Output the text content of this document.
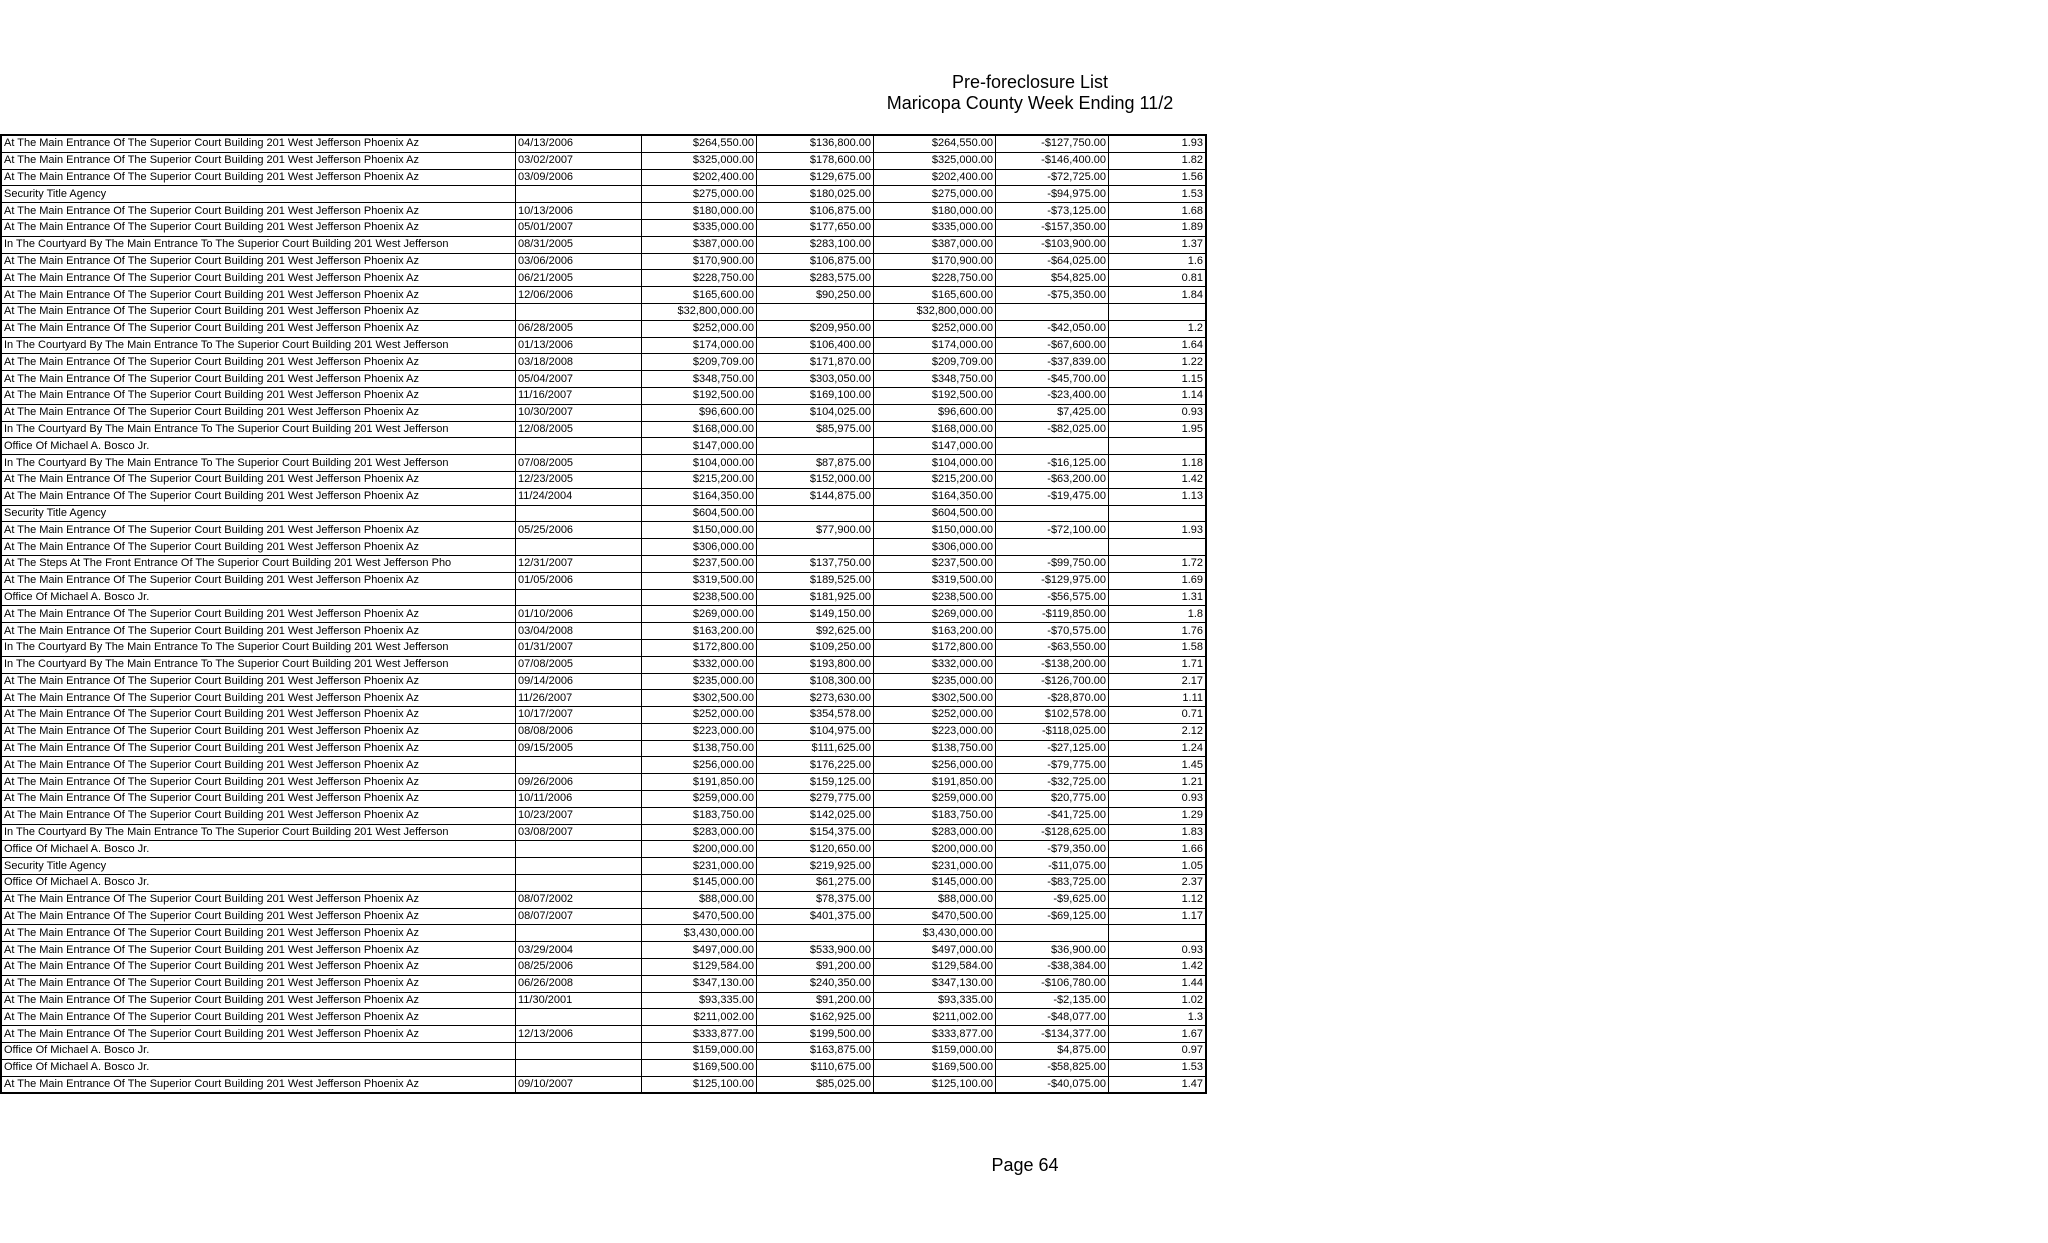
Pre-foreclosure List
Maricopa County Week Ending 11/2
At The Main Entrance Of The Superior Court Building 201 West Jefferson Phoenix Az	04/13/2006	$264,550.00	$136,800.00	$264,550.00	-$127,750.00	1.93
At The Main Entrance Of The Superior Court Building 201 West Jefferson Phoenix Az	03/02/2007	$325,000.00	$178,600.00	$325,000.00	-$146,400.00	1.82
At The Main Entrance Of The Superior Court Building 201 West Jefferson Phoenix Az	03/09/2006	$202,400.00	$129,675.00	$202,400.00	-$72,725.00	1.56
Security Title Agency		$275,000.00	$180,025.00	$275,000.00	-$94,975.00	1.53
At The Main Entrance Of The Superior Court Building 201 West Jefferson Phoenix Az	10/13/2006	$180,000.00	$106,875.00	$180,000.00	-$73,125.00	1.68
At The Main Entrance Of The Superior Court Building 201 West Jefferson Phoenix Az	05/01/2007	$335,000.00	$177,650.00	$335,000.00	-$157,350.00	1.89
In The Courtyard By The Main Entrance To The Superior Court Building 201 West Jefferson	08/31/2005	$387,000.00	$283,100.00	$387,000.00	-$103,900.00	1.37
At The Main Entrance Of The Superior Court Building 201 West Jefferson Phoenix Az	03/06/2006	$170,900.00	$106,875.00	$170,900.00	-$64,025.00	1.6
At The Main Entrance Of The Superior Court Building 201 West Jefferson Phoenix Az	06/21/2005	$228,750.00	$283,575.00	$228,750.00	$54,825.00	0.81
At The Main Entrance Of The Superior Court Building 201 West Jefferson Phoenix Az	12/06/2006	$165,600.00	$90,250.00	$165,600.00	-$75,350.00	1.84
At The Main Entrance Of The Superior Court Building 201 West Jefferson Phoenix Az		$32,800,000.00		$32,800,000.00		
At The Main Entrance Of The Superior Court Building 201 West Jefferson Phoenix Az	06/28/2005	$252,000.00	$209,950.00	$252,000.00	-$42,050.00	1.2
In The Courtyard By The Main Entrance To The Superior Court Building 201 West Jefferson	01/13/2006	$174,000.00	$106,400.00	$174,000.00	-$67,600.00	1.64
At The Main Entrance Of The Superior Court Building 201 West Jefferson Phoenix Az	03/18/2008	$209,709.00	$171,870.00	$209,709.00	-$37,839.00	1.22
At The Main Entrance Of The Superior Court Building 201 West Jefferson Phoenix Az	05/04/2007	$348,750.00	$303,050.00	$348,750.00	-$45,700.00	1.15
At The Main Entrance Of The Superior Court Building 201 West Jefferson Phoenix Az	11/16/2007	$192,500.00	$169,100.00	$192,500.00	-$23,400.00	1.14
At The Main Entrance Of The Superior Court Building 201 West Jefferson Phoenix Az	10/30/2007	$96,600.00	$104,025.00	$96,600.00	$7,425.00	0.93
In The Courtyard By The Main Entrance To The Superior Court Building 201 West Jefferson	12/08/2005	$168,000.00	$85,975.00	$168,000.00	-$82,025.00	1.95
Office Of Michael A. Bosco Jr.		$147,000.00		$147,000.00		
In The Courtyard By The Main Entrance To The Superior Court Building 201 West Jefferson	07/08/2005	$104,000.00	$87,875.00	$104,000.00	-$16,125.00	1.18
At The Main Entrance Of The Superior Court Building 201 West Jefferson Phoenix Az	12/23/2005	$215,200.00	$152,000.00	$215,200.00	-$63,200.00	1.42
At The Main Entrance Of The Superior Court Building 201 West Jefferson Phoenix Az	11/24/2004	$164,350.00	$144,875.00	$164,350.00	-$19,475.00	1.13
Security Title Agency		$604,500.00		$604,500.00		
At The Main Entrance Of The Superior Court Building 201 West Jefferson Phoenix Az	05/25/2006	$150,000.00	$77,900.00	$150,000.00	-$72,100.00	1.93
At The Main Entrance Of The Superior Court Building 201 West Jefferson Phoenix Az		$306,000.00		$306,000.00		
At The Steps At The Front Entrance Of The Superior Court Building 201 West Jefferson Pho	12/31/2007	$237,500.00	$137,750.00	$237,500.00	-$99,750.00	1.72
At The Main Entrance Of The Superior Court Building 201 West Jefferson Phoenix Az	01/05/2006	$319,500.00	$189,525.00	$319,500.00	-$129,975.00	1.69
Office Of Michael A. Bosco Jr.		$238,500.00	$181,925.00	$238,500.00	-$56,575.00	1.31
At The Main Entrance Of The Superior Court Building 201 West Jefferson Phoenix Az	01/10/2006	$269,000.00	$149,150.00	$269,000.00	-$119,850.00	1.8
At The Main Entrance Of The Superior Court Building 201 West Jefferson Phoenix Az	03/04/2008	$163,200.00	$92,625.00	$163,200.00	-$70,575.00	1.76
In The Courtyard By The Main Entrance To The Superior Court Building 201 West Jefferson	01/31/2007	$172,800.00	$109,250.00	$172,800.00	-$63,550.00	1.58
In The Courtyard By The Main Entrance To The Superior Court Building 201 West Jefferson	07/08/2005	$332,000.00	$193,800.00	$332,000.00	-$138,200.00	1.71
At The Main Entrance Of The Superior Court Building 201 West Jefferson Phoenix Az	09/14/2006	$235,000.00	$108,300.00	$235,000.00	-$126,700.00	2.17
At The Main Entrance Of The Superior Court Building 201 West Jefferson Phoenix Az	11/26/2007	$302,500.00	$273,630.00	$302,500.00	-$28,870.00	1.11
At The Main Entrance Of The Superior Court Building 201 West Jefferson Phoenix Az	10/17/2007	$252,000.00	$354,578.00	$252,000.00	$102,578.00	0.71
At The Main Entrance Of The Superior Court Building 201 West Jefferson Phoenix Az	08/08/2006	$223,000.00	$104,975.00	$223,000.00	-$118,025.00	2.12
At The Main Entrance Of The Superior Court Building 201 West Jefferson Phoenix Az	09/15/2005	$138,750.00	$111,625.00	$138,750.00	-$27,125.00	1.24
At The Main Entrance Of The Superior Court Building 201 West Jefferson Phoenix Az		$256,000.00	$176,225.00	$256,000.00	-$79,775.00	1.45
At The Main Entrance Of The Superior Court Building 201 West Jefferson Phoenix Az	09/26/2006	$191,850.00	$159,125.00	$191,850.00	-$32,725.00	1.21
At The Main Entrance Of The Superior Court Building 201 West Jefferson Phoenix Az	10/11/2006	$259,000.00	$279,775.00	$259,000.00	$20,775.00	0.93
At The Main Entrance Of The Superior Court Building 201 West Jefferson Phoenix Az	10/23/2007	$183,750.00	$142,025.00	$183,750.00	-$41,725.00	1.29
In The Courtyard By The Main Entrance To The Superior Court Building 201 West Jefferson	03/08/2007	$283,000.00	$154,375.00	$283,000.00	-$128,625.00	1.83
Office Of Michael A. Bosco Jr.		$200,000.00	$120,650.00	$200,000.00	-$79,350.00	1.66
Security Title Agency		$231,000.00	$219,925.00	$231,000.00	-$11,075.00	1.05
Office Of Michael A. Bosco Jr.		$145,000.00	$61,275.00	$145,000.00	-$83,725.00	2.37
At The Main Entrance Of The Superior Court Building 201 West Jefferson Phoenix Az	08/07/2002	$88,000.00	$78,375.00	$88,000.00	-$9,625.00	1.12
At The Main Entrance Of The Superior Court Building 201 West Jefferson Phoenix Az	08/07/2007	$470,500.00	$401,375.00	$470,500.00	-$69,125.00	1.17
At The Main Entrance Of The Superior Court Building 201 West Jefferson Phoenix Az		$3,430,000.00		$3,430,000.00		
At The Main Entrance Of The Superior Court Building 201 West Jefferson Phoenix Az	03/29/2004	$497,000.00	$533,900.00	$497,000.00	$36,900.00	0.93
At The Main Entrance Of The Superior Court Building 201 West Jefferson Phoenix Az	08/25/2006	$129,584.00	$91,200.00	$129,584.00	-$38,384.00	1.42
At The Main Entrance Of The Superior Court Building 201 West Jefferson Phoenix Az	06/26/2008	$347,130.00	$240,350.00	$347,130.00	-$106,780.00	1.44
At The Main Entrance Of The Superior Court Building 201 West Jefferson Phoenix Az	11/30/2001	$93,335.00	$91,200.00	$93,335.00	-$2,135.00	1.02
At The Main Entrance Of The Superior Court Building 201 West Jefferson Phoenix Az		$211,002.00	$162,925.00	$211,002.00	-$48,077.00	1.3
At The Main Entrance Of The Superior Court Building 201 West Jefferson Phoenix Az	12/13/2006	$333,877.00	$199,500.00	$333,877.00	-$134,377.00	1.67
Office Of Michael A. Bosco Jr.		$159,000.00	$163,875.00	$159,000.00	$4,875.00	0.97
Office Of Michael A. Bosco Jr.		$169,500.00	$110,675.00	$169,500.00	-$58,825.00	1.53
At The Main Entrance Of The Superior Court Building 201 West Jefferson Phoenix Az	09/10/2007	$125,100.00	$85,025.00	$125,100.00	-$40,075.00	1.47
Page 64
